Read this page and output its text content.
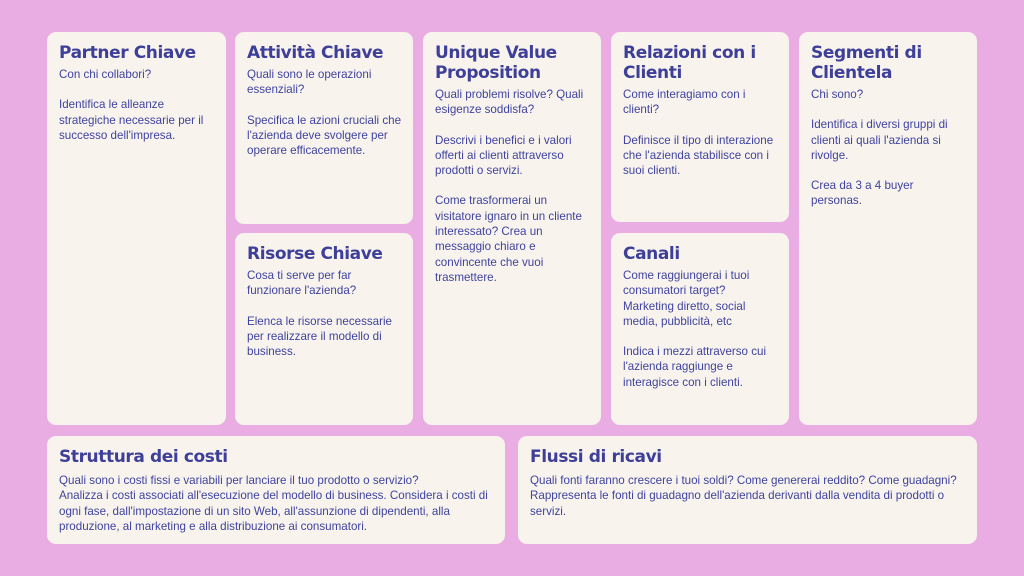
Partner Chiave

Con chi collabori?

Identifica le alleanze strategiche necessarie per il successo dell'impresa.

Attività Chiave

Quali sono le operazioni essenziali?

Specifica le azioni cruciali che l'azienda deve svolgere per operare efficacemente.

Risorse Chiave

Cosa ti serve per far funzionare l'azienda?

Elenca le risorse necessarie per realizzare il modello di business.

Unique Value Proposition

Quali problemi risolve? Quali esigenze soddisfa?

Descrivi i benefici e i valori offerti ai clienti attraverso prodotti o servizi.

Come trasformerai un visitatore ignaro in un cliente interessato? Crea un messaggio chiaro e convincente che vuoi trasmettere.

Relazioni con i Clienti

Come interagiamo con i clienti?

Definisce il tipo di interazione che l'azienda stabilisce con i suoi clienti.

Canali

Come raggiungerai i tuoi consumatori target? Marketing diretto, social media, pubblicità, etc

Indica i mezzi attraverso cui l'azienda raggiunge e interagisce con i clienti.

Segmenti di Clientela

Chi sono?

Identifica i diversi gruppi di clienti ai quali l'azienda si rivolge.

Crea da 3 a 4 buyer personas.

Struttura dei costi

Quali sono i costi fissi e variabili per lanciare il tuo prodotto o servizio?

Analizza i costi associati all'esecuzione del modello di business. Considera i costi di ogni fase, dall'impostazione di un sito Web, all'assunzione di dipendenti, alla produzione, al marketing e alla distribuzione ai consumatori.

Flussi di ricavi

Quali fonti faranno crescere i tuoi soldi? Come genererai reddito? Come guadagni?

Rappresenta le fonti di guadagno dell'azienda derivanti dalla vendita di prodotti o servizi.
